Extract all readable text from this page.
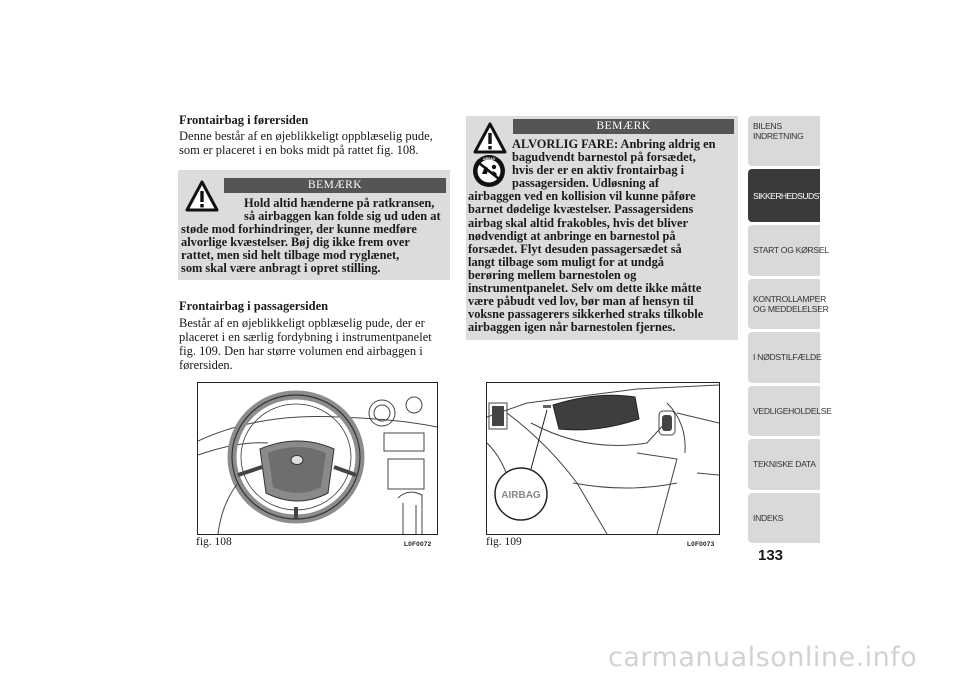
Frontairbag i førersiden
Denne består af en øjeblikkeligt oppblæselig pude,
som er placeret i en boks midt på rattet fig. 108.
BEMÆRK
Hold altid hænderne på ratkransen,
så airbaggen kan folde sig ud uden at
støde mod forhindringer, der kunne medføre
alvorlige kvæstelser. Bøj dig ikke frem over
rattet, men sid helt tilbage mod ryglænet,
som skal være anbragt i opret stilling.
Frontairbag i passagersiden
Består af en øjeblikkeligt opblæselig pude, der er
placeret i en særlig fordybning i instrumentpanelet
fig. 109. Den har større volumen end airbaggen i
førersiden.
BEMÆRK
AIRBAG
ALVORLIG FARE: Anbring aldrig en
bagudvendt barnestol på forsædet,
hvis der er en aktiv frontairbag i
passagersiden. Udløsning af
airbaggen ved en kollision vil kunne påføre
barnet dødelige kvæstelser. Passagersidens
airbag skal altid frakobles, hvis det bliver
nødvendigt at anbringe en barnestol på
forsædet. Flyt desuden passagersædet så
langt tilbage som muligt for at undgå
berøring mellem barnestolen og
instrumentpanelet. Selv om dette ikke måtte
være påbudt ved lov, bør man af hensyn til
voksne passagerers sikkerhed straks tilkoble
airbaggen igen når barnestolen fjernes.
fig. 108	L0F0072
AIRBAG
fig. 109	L0F0073
BILENS
INDRETNING
SIKKERHEDSUDSTYR
START OG KØRSEL
KONTROLLAMPER
OG MEDDELELSER
I NØDSTILFÆLDE
VEDLIGEHOLDELSE
TEKNISKE DATA
INDEKS
133
carmanualsonline.info
